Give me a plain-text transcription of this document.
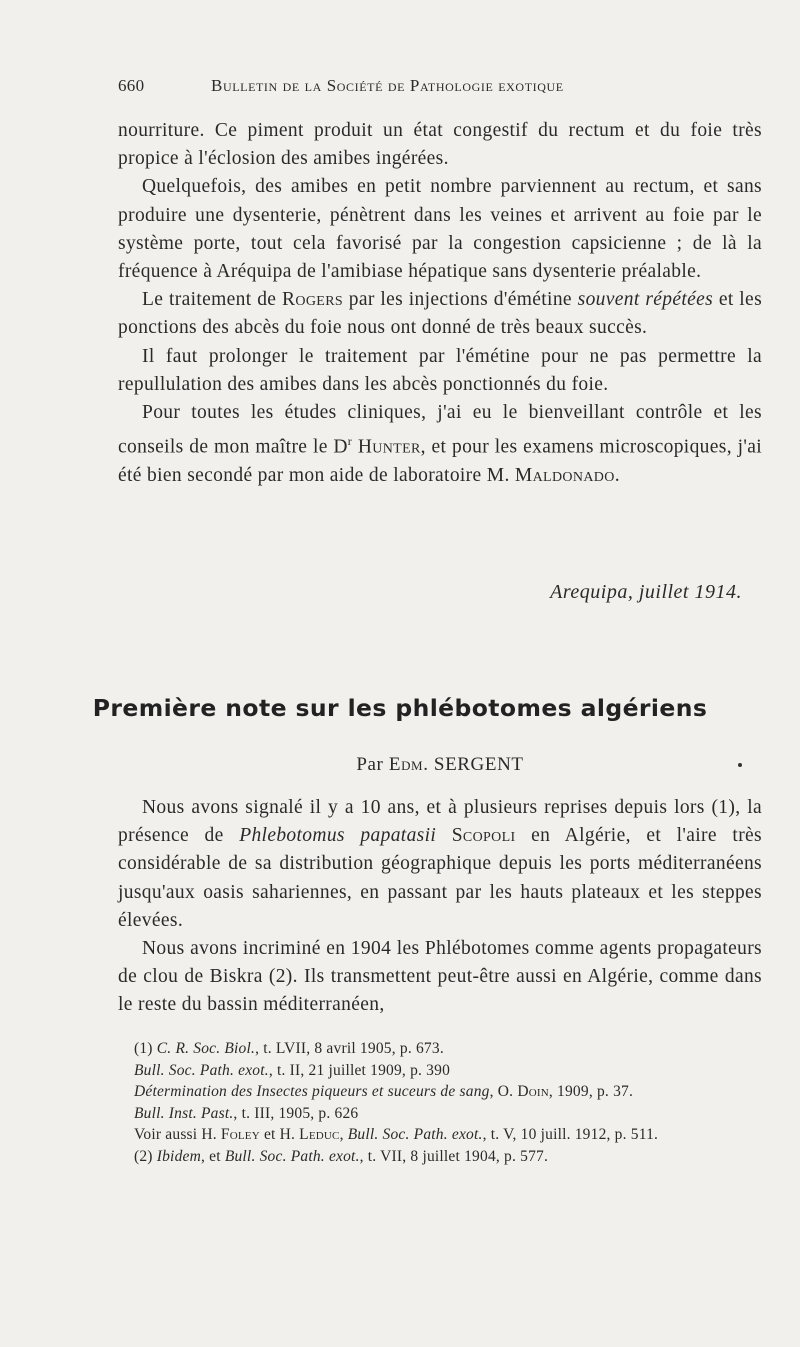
660	Bulletin de la Société de Pathologie exotique

nourriture. Ce piment produit un état congestif du rectum et du foie très propice à l'éclosion des amibes ingérées.

Quelquefois, des amibes en petit nombre parviennent au rectum, et sans produire une dysenterie, pénètrent dans les veines et arrivent au foie par le système porte, tout cela favorisé par la congestion capsicienne ; de là la fréquence à Aréquipa de l'amibiase hépatique sans dysenterie préalable.

Le traitement de Rogers par les injections d'émétine souvent répétées et les ponctions des abcès du foie nous ont donné de très beaux succès.

Il faut prolonger le traitement par l'émétine pour ne pas permettre la repullulation des amibes dans les abcès ponctionnés du foie.

Pour toutes les études cliniques, j'ai eu le bienveillant contrôle et les conseils de mon maître le $D^r$ Hunter, et pour les examens microscopiques, j'ai été bien secondé par mon aide de laboratoire M. Maldonado.

Arequipa, juillet 1914.
Première note sur les phlébotomes algériens
Par Edm. SERGENT

Nous avons signalé il y a 10 ans, et à plusieurs reprises depuis lors (1), la présence de Phlebotomus papatasii Scopoli en Algérie, et l'aire très considérable de sa distribution géographique depuis les ports méditerranéens jusqu'aux oasis sahariennes, en passant par les hauts plateaux et les steppes élevées.

Nous avons incriminé en 1904 les Phlébotomes comme agents propagateurs de clou de Biskra (2). Ils transmettent peut-être aussi en Algérie, comme dans le reste du bassin méditerranéen,

(1) C. R. Soc. Biol., t. LVII, 8 avril 1905, p. 673.

Bull. Soc. Path. exot., t. II, 21 juillet 1909, p. 390

Détermination des Insectes piqueurs et suceurs de sang, O. Doin, 1909, p. 37.

Bull. Inst. Past., t. III, 1905, p. 626

Voir aussi H. Foley et H. Leduc, Bull. Soc. Path. exot., t. V, 10 juill. 1912, p. 511.

(2) Ibidem, et Bull. Soc. Path. exot., t. VII, 8 juillet 1904, p. 577.
